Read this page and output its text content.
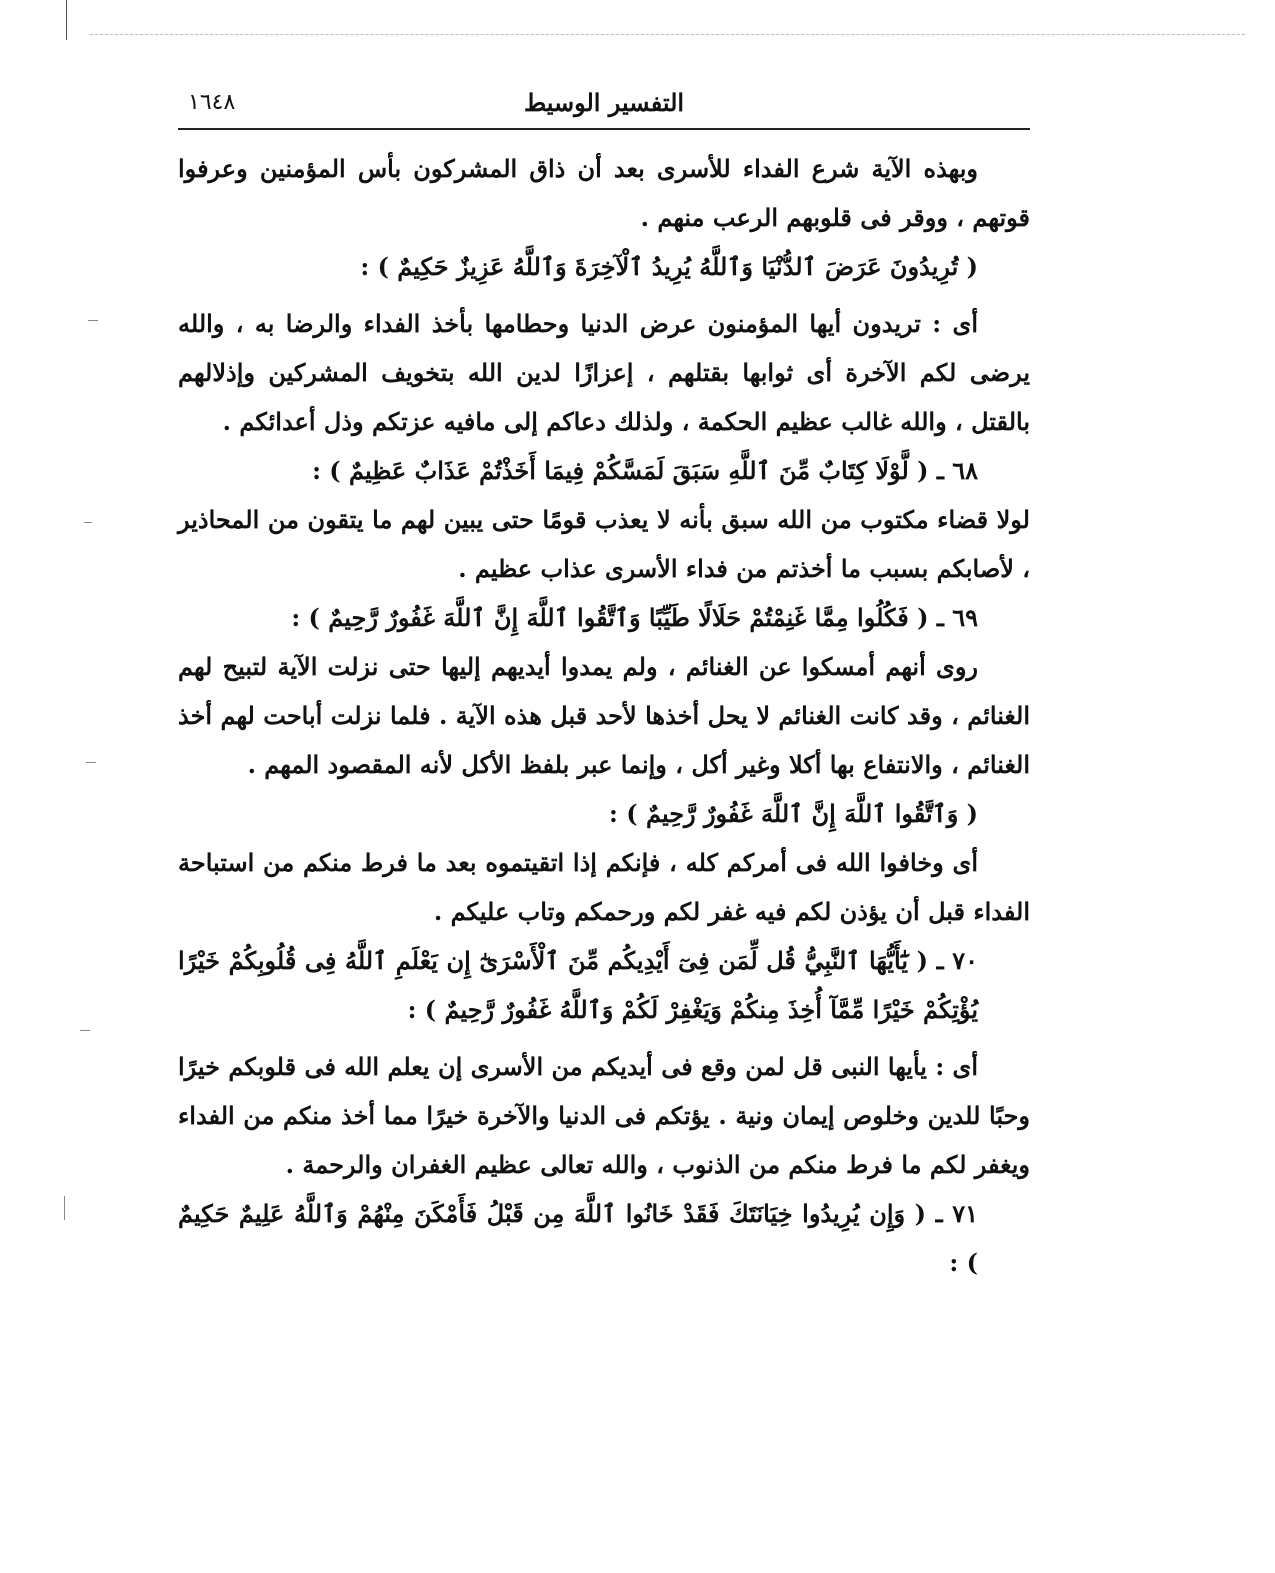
١٦٤٨	التفسير الوسيط

وبهذه الآية شرع الفداء للأسرى بعد أن ذاق المشركون بأس المؤمنين وعرفوا قوتهم ، ووقر فى قلوبهم الرعب منهم .

( تُرِيدُونَ عَرَضَ ٱلدُّنْيَا وَٱللَّهُ يُرِيدُ ٱلْآخِرَةَ وَٱللَّهُ عَزِيزٌ حَكِيمٌ ) :

أى : تريدون أيها المؤمنون عرض الدنيا وحطامها بأخذ الفداء والرضا به ، والله يرضى لكم الآخرة أى ثوابها بقتلهم ، إعزازًا لدين الله بتخويف المشركين وإذلالهم بالقتل ، والله غالب عظيم الحكمة ، ولذلك دعاكم إلى مافيه عزتكم وذل أعدائكم .

٦٨ ـ ( لَّوْلَا كِتَابٌ مِّنَ ٱللَّهِ سَبَقَ لَمَسَّكُمْ فِيمَا أَخَذْتُمْ عَذَابٌ عَظِيمٌ ) :

لولا قضاء مكتوب من الله سبق بأنه لا يعذب قومًا حتى يبين لهم ما يتقون من المحاذير ، لأصابكم بسبب ما أخذتم من فداء الأسرى عذاب عظيم .

٦٩ ـ ( فَكُلُوا مِمَّا غَنِمْتُمْ حَلَالًا طَيِّبًا وَٱتَّقُوا ٱللَّهَ إِنَّ ٱللَّهَ غَفُورٌ رَّحِيمٌ ) :

روى أنهم أمسكوا عن الغنائم ، ولم يمدوا أيديهم إليها حتى نزلت الآية لتبيح لهم الغنائم ، وقد كانت الغنائم لا يحل أخذها لأحد قبل هذه الآية . فلما نزلت أباحت لهم أخذ الغنائم ، والانتفاع بها أكلا وغير أكل ، وإنما عبر بلفظ الأكل لأنه المقصود المهم .

( وَٱتَّقُوا ٱللَّهَ إِنَّ ٱللَّهَ غَفُورٌ رَّحِيمٌ ) :

أى وخافوا الله فى أمركم كله ، فإنكم إذا اتقيتموه بعد ما فرط منكم من استباحة الفداء قبل أن يؤذن لكم فيه غفر لكم ورحمكم وتاب عليكم .

٧٠ ـ ( يَٰٓأَيُّهَا ٱلنَّبِيُّ قُل لِّمَن فِىٓ أَيْدِيكُم مِّنَ ٱلْأَسْرَىٰٓ إِن يَعْلَمِ ٱللَّهُ فِى قُلُوبِكُمْ خَيْرًا يُؤْتِكُمْ خَيْرًا مِّمَّآ أُخِذَ مِنكُمْ وَيَغْفِرْ لَكُمْ وَٱللَّهُ غَفُورٌ رَّحِيمٌ ) :

أى : يأيها النبى قل لمن وقع فى أيديكم من الأسرى إن يعلم الله فى قلوبكم خيرًا وحبًا للدين وخلوص إيمان ونية . يؤتكم فى الدنيا والآخرة خيرًا مما أخذ منكم من الفداء ويغفر لكم ما فرط منكم من الذنوب ، والله تعالى عظيم الغفران والرحمة .

٧١ ـ ( وَإِن يُرِيدُوا خِيَانَتَكَ فَقَدْ خَانُوا ٱللَّهَ مِن قَبْلُ فَأَمْكَنَ مِنْهُمْ وَٱللَّهُ عَلِيمٌ حَكِيمٌ ) :
